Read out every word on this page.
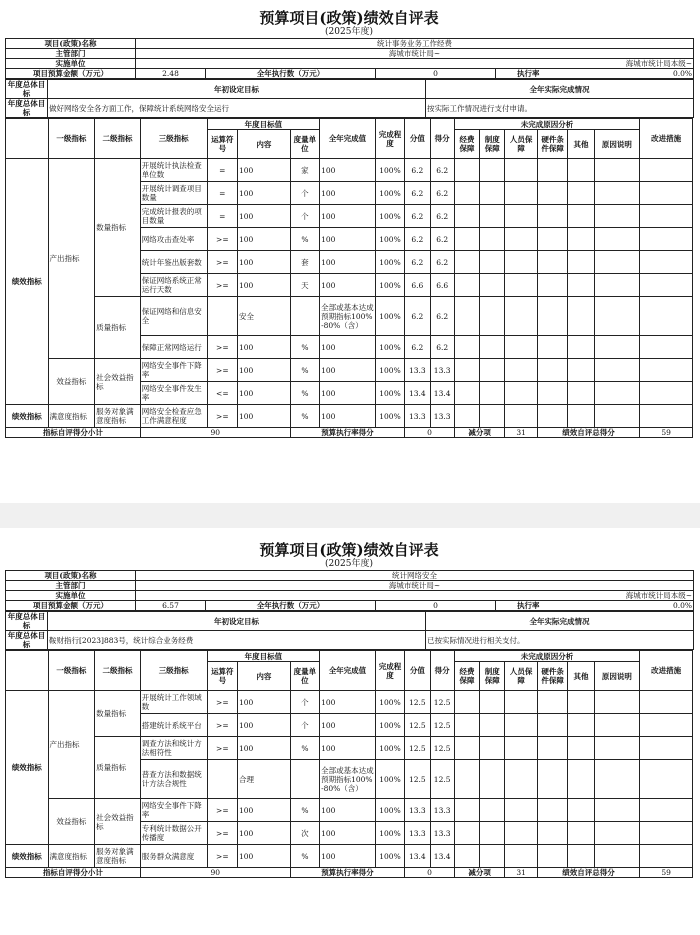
预算项目(政策)绩效自评表
(2025年度)
项目(政策)名称	统计事务业务工作经费			
主管部门	海城市统计局~			
实施单位	海城市统计局本级~			
项目预算金额（万元）	2.48	全年执行数（万元）	0	执行率 0.0%
年度总体目标	年初设定目标	全年实际完成情况
年度总体目标	做好网络安全各方面工作，保障统计系统网络安全运行	按实际工作情况进行支付申请。
	一级指标	二级指标	三级指标	年度目标值			全年完成值	完成程度	分值	得分	未完成原因分析						改进措施
				运算符号	内容	度量单位					经费保障	制度保障	人员保障	硬件条件保障	其他	原因说明	
绩效指标	产出指标	数量指标	开展统计执法检查单位数	=	100	家	100	100%	6.2	6.2							
			开展统计调查项目数量	=	100	个	100	100%	6.2	6.2							
			完成统计报表的项目数量	=	100	个	100	100%	6.2	6.2							
			网络攻击查处率	>=	100	%	100	100%	6.2	6.2							
			统计年鉴出版套数	>=	100	套	100	100%	6.2	6.2							
			保证网络系统正常运行天数	>=	100	天	100	100%	6.6	6.6							
		质量指标	保证网络和信息安全		安全		全部或基本达成预期指标100%-80%（含）	100%	6.2	6.2							
			保障正常网络运行	>=	100	%	100	100%	6.2	6.2							
	效益指标	社会效益指标	网络安全事件下降率	>=	100	%	100	100%	13.3	13.3							
			网络安全事件发生率	<=	100	%	100	100%	13.4	13.4							
绩效指标	满意度指标	服务对象满意度指标	网络安全检查应急工作满意程度	>=	100	%	100	100%	13.3	13.3							
指标自评得分小计			90			预算执行率得分			0		减分项		31	绩效自评总得分			59
预算项目(政策)绩效自评表
(2025年度)
项目(政策)名称	统计网络安全			
主管部门	海城市统计局~			
实施单位	海城市统计局本级~			
项目预算金额（万元）	6.57	全年执行数（万元）	0	执行率 0.0%
年度总体目标	年初设定目标	全年实际完成情况
年度总体目标	鞍财指行[2023]883号，统计综合业务经费	已按实际情况进行相关支付。
	一级指标	二级指标	三级指标	年度目标值			全年完成值	完成程度	分值	得分	未完成原因分析						改进措施
				运算符号	内容	度量单位					经费保障	制度保障	人员保障	硬件条件保障	其他	原因说明	
绩效指标	产出指标	数量指标	开展统计工作领域数	>=	100	个	100	100%	12.5	12.5							
			搭建统计系统平台	>=	100	个	100	100%	12.5	12.5							
		质量指标	调查方法和统计方法相符性	>=	100	%	100	100%	12.5	12.5							
			普查方法和数据统计方法合规性		合理		全部或基本达成预期指标100%-80%（含）	100%	12.5	12.5							
	效益指标	社会效益指标	网络安全事件下降率	>=	100	%	100	100%	13.3	13.3							
			专利统计数据公开传播度	>=	100	次	100	100%	13.3	13.3							
绩效指标	满意度指标	服务对象满意度指标	服务群众满意度	>=	100	%	100	100%	13.4	13.4							
指标自评得分小计			90			预算执行率得分			0		减分项		31	绩效自评总得分			59
